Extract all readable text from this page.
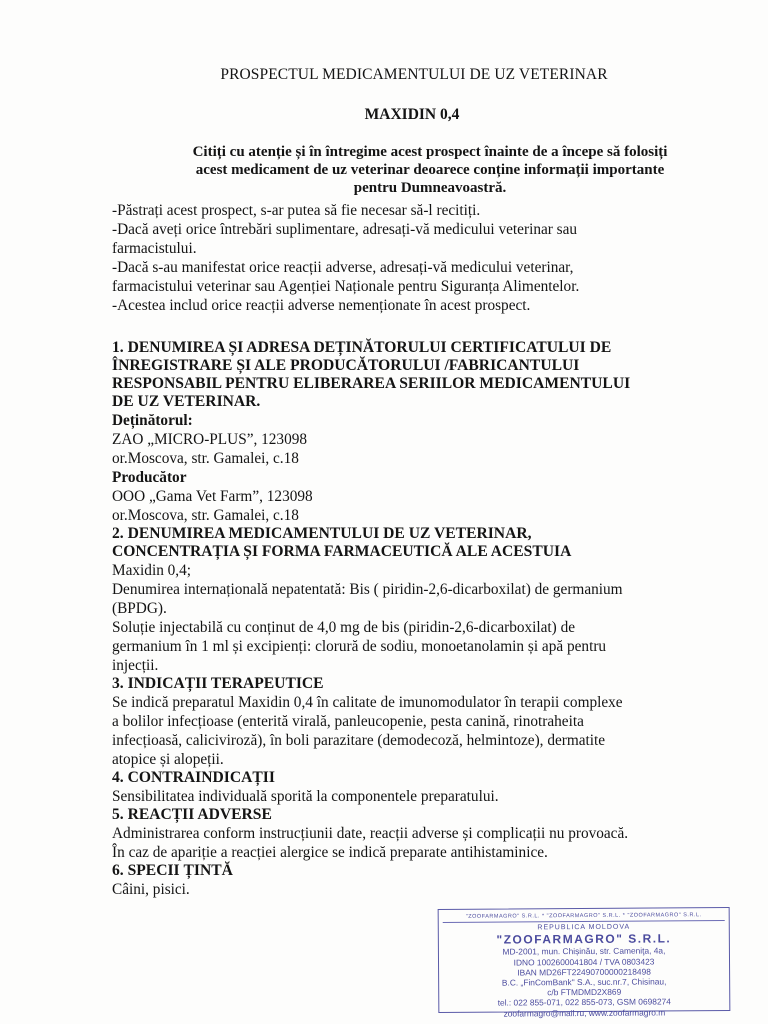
PROSPECTUL MEDICAMENTULUI DE UZ VETERINAR
MAXIDIN 0,4
Citiți cu atenție și în întregime acest prospect înainte de a începe să folosiți
acest medicament de uz veterinar deoarece conține informații importante
pentru Dumneavoastră.

-Păstrați acest prospect, s-ar putea să fie necesar să-l reciti​ți.

-Dacă aveți orice întrebări suplimentare, adresați-vă medicului veterinar sau

farmacistului.

-Dacă s-au manifestat orice reacții adverse, adresați-vă medicului veterinar,

farmacistului veterinar sau Agenției Naționale pentru Siguranța Alimentelor.

-Acestea includ orice reacții adverse nemenționate în acest prospect.

1. DENUMIREA ȘI ADRESA DEȚINĂTORULUI CERTIFICATULUI DE

ÎNREGISTRARE ȘI ALE PRODUCĂTORULUI /FABRICANTULUI

RESPONSABIL PENTRU ELIBERAREA SERIILOR MEDICAMENTULUI

DE UZ VETERINAR.

Deținătorul:

ZAO „MICRO-PLUS”, 123098

or.Moscova, str. Gamalei, c.18

Producător

OOO „Gama Vet Farm”, 123098

or.Moscova, str. Gamalei, c.18

2. DENUMIREA MEDICAMENTULUI DE UZ VETERINAR,

CONCENTRAȚIA ȘI FORMA FARMACEUTICĂ ALE ACESTUIA

Maxidin 0,4;

Denumirea internațională nepatentată: Bis ( piridin-2,6-dicarboxilat) de germanium

(BPDG).

Soluție injectabilă cu conținut de 4,0 mg de bis (piridin-2,6-dicarboxilat) de

germanium în 1 ml și excipienți: clorură de sodiu, monoetanolamin și apă pentru

injecții.

3. INDICAȚII TERAPEUTICE

Se indică preparatul Maxidin 0,4 în calitate de imunomodulator în terapii complexe

a bolilor infecțioase (enterită virală, panleucopenie, pesta canină, rinotraheita

infecțioasă, calicivirоză), în boli parazitare (demodecoză, helmintoze), dermatite

atopice și alopeții.

4. CONTRAINDICAȚII

Sensibilitatea individuală sporită la componentele preparatului.

5. REACȚII ADVERSE

Administrarea conform instrucțiunii date, reacții adverse și complicații nu provoacă.

În caz de apariție a reacției alergice se indică preparate antihistaminice.

6. SPECII ȚINTĂ

Câini, pisici.

"ZOOFARMAGRO" S.R.L. * "ZOOFARMAGRO" S.R.L. * "ZOOFARMAGRO" S.R.L.
REPUBLICA MOLDOVA
"ZOOFARMAGRO" S.R.L.
MD-2001, mun. Chișinău, str. Cameniţa, 4a,
IDNO 1002600041804 / TVA 0803423
IBAN MD26FT22490700000218498
B.C. „FinComBank" S.A., suc.nr.7, Chisinau,
c/b FTMDMD2X869
tel.: 022 855-071, 022 855-073, GSM 0698274
zoofarmagro@mail.ru, www.zoofarmagro.m
